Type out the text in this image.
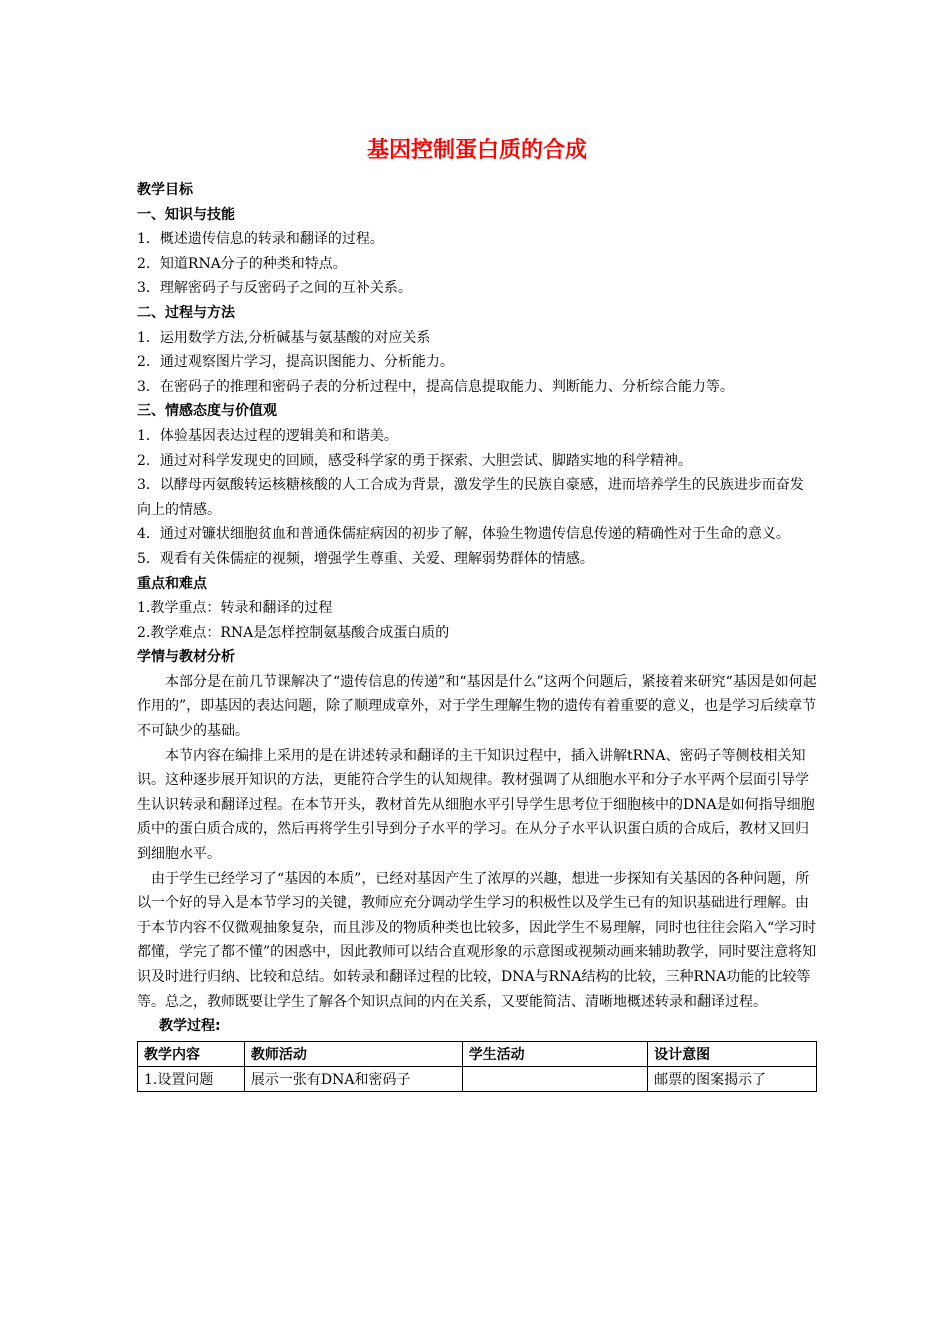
基因控制蛋白质的合成
教学目标
一、知识与技能
1．概述遗传信息的转录和翻译的过程。
2．知道RNA分子的种类和特点。
3．理解密码子与反密码子之间的互补关系。
二、过程与方法
1．运用数学方法,分析碱基与氨基酸的对应关系
2．通过观察图片学习，提高识图能力、分析能力。
3．在密码子的推理和密码子表的分析过程中，提高信息提取能力、判断能力、分析综合能力等。
三、情感态度与价值观
1．体验基因表达过程的逻辑美和和谐美。
2．通过对科学发现史的回顾，感受科学家的勇于探索、大胆尝试、脚踏实地的科学精神。
3．以酵母丙氨酸转运核糖核酸的人工合成为背景，激发学生的民族自豪感，进而培养学生的民族进步而奋发向上的情感。
4．通过对镰状细胞贫血和普通侏儒症病因的初步了解，体验生物遗传信息传递的精确性对于生命的意义。
5．观看有关侏儒症的视频，增强学生尊重、关爱、理解弱势群体的情感。
重点和难点
1.教学重点：转录和翻译的过程
2.教学难点：RNA是怎样控制氨基酸合成蛋白质的
学情与教材分析
本部分是在前几节课解决了“遗传信息的传递”和“基因是什么”这两个问题后，紧接着来研究“基因是如何起作用的”，即基因的表达问题，除了顺理成章外，对于学生理解生物的遗传有着重要的意义，也是学习后续章节不可缺少的基础。
本节内容在编排上采用的是在讲述转录和翻译的主干知识过程中，插入讲解tRNA、密码子等侧枝相关知识。这种逐步展开知识的方法，更能符合学生的认知规律。教材强调了从细胞水平和分子水平两个层面引导学生认识转录和翻译过程。在本节开头，教材首先从细胞水平引导学生思考位于细胞核中的DNA是如何指导细胞质中的蛋白质合成的，然后再将学生引导到分子水平的学习。在从分子水平认识蛋白质的合成后，教材又回归到细胞水平。
由于学生已经学习了“基因的本质”，已经对基因产生了浓厚的兴趣，想进一步探知有关基因的各种问题，所以一个好的导入是本节学习的关键，教师应充分调动学生学习的积极性以及学生已有的知识基础进行理解。由于本节内容不仅微观抽象复杂，而且涉及的物质种类也比较多，因此学生不易理解，同时也往往会陷入“学习时都懂，学完了都不懂”的困惑中，因此教师可以结合直观形象的示意图或视频动画来辅助教学，同时要注意将知识及时进行归纳、比较和总结。如转录和翻译过程的比较，DNA与RNA结构的比较，三种RNA功能的比较等等。总之，教师既要让学生了解各个知识点间的内在关系，又要能简洁、清晰地概述转录和翻译过程。
教学过程:
教学内容	教师活动	学生活动	设计意图
1.设置问题	展示一张有DNA和密码子		邮票的图案揭示了
